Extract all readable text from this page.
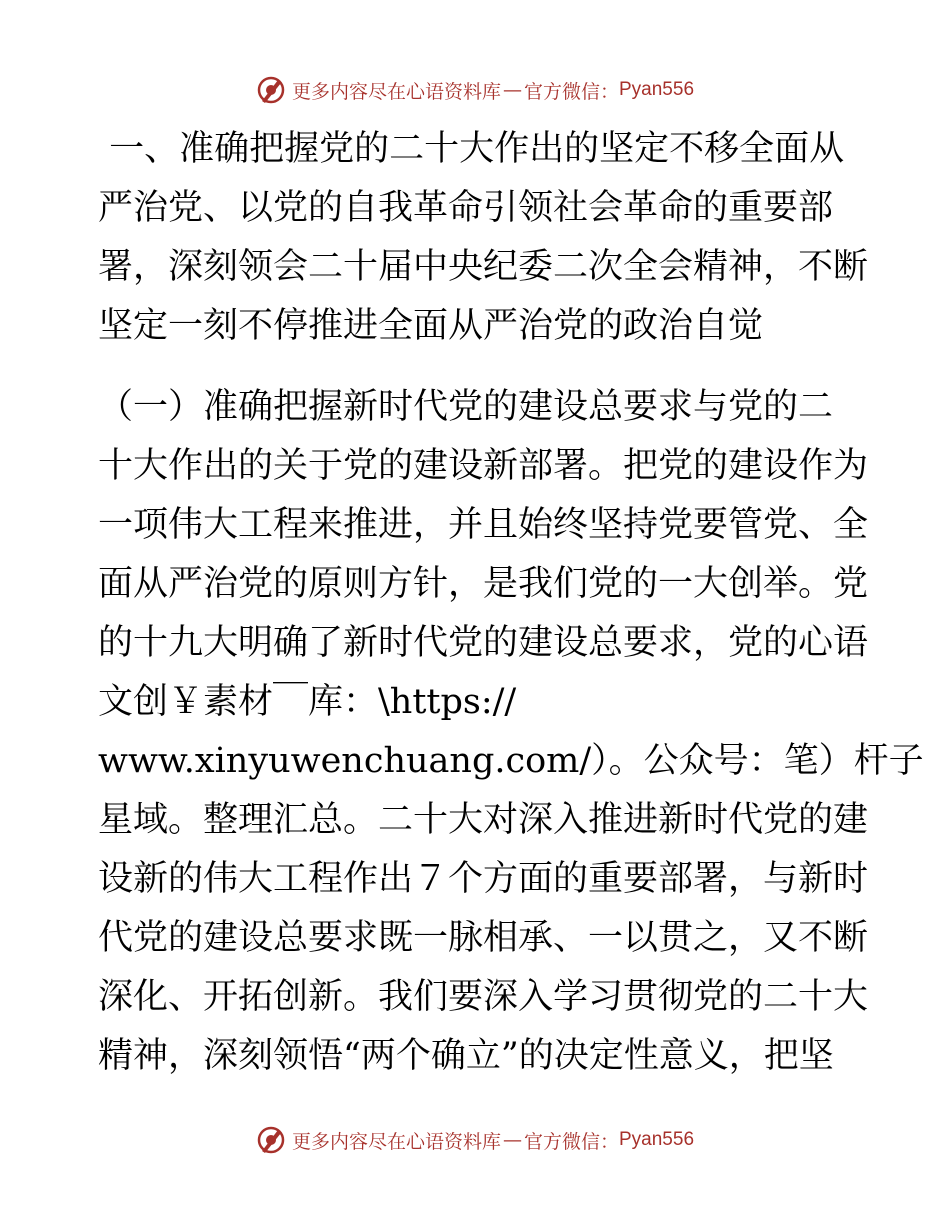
更多内容尽在心语资料库 — 官方微信： Pyan556
一、准确把握党的二十大作出的坚定不移全面从
严治党、以党的自我革命引领社会革命的重要部
署，深刻领会二十届中央纪委二次全会精神，不断
坚定一刻不停推进全面从严治党的政治自觉
（一）准确把握新时代党的建设总要求与党的二
十大作出的关于党的建设新部署。把党的建设作为
一项伟大工程来推进，并且始终坚持党要管党、全
面从严治党的原则方针，是我们党的一大创举。党
的十九大明确了新时代党的建设总要求，党的心语
文创￥素材￣库：\https://
www.xinyuwenchuang.com/）。公众号：笔）杆子
星域。整理汇总。二十大对深入推进新时代党的建
设新的伟大工程作出７个方面的重要部署，与新时
代党的建设总要求既一脉相承、一以贯之，又不断
深化、开拓创新。我们要深入学习贯彻党的二十大
精神，深刻领悟“两个确立”的决定性意义，把坚
更多内容尽在心语资料库 — 官方微信： Pyan556
